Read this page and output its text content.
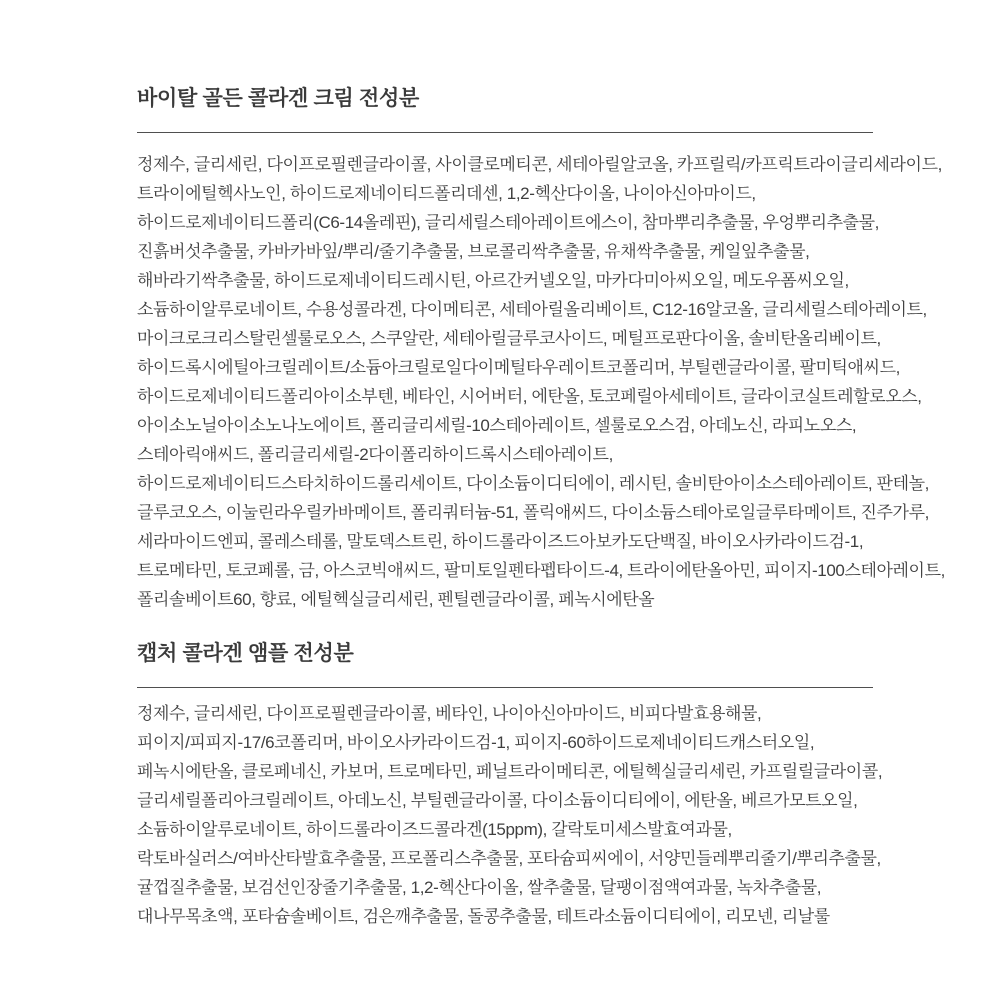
바이탈 골든 콜라겐 크림 전성분
정제수, 글리세린, 다이프로필렌글라이콜, 사이클로메티콘, 세테아릴알코올, 카프릴릭/카프릭트라이글리세라이드,
트라이에틸헥사노인, 하이드로제네이티드폴리데센, 1,2-헥산다이올, 나이아신아마이드,
하이드로제네이티드폴리(C6-14올레핀), 글리세릴스테아레이트에스이, 참마뿌리추출물, 우엉뿌리추출물,
진흙버섯추출물, 카바카바잎/뿌리/줄기추출물, 브로콜리싹추출물, 유채싹추출물, 케일잎추출물,
해바라기싹추출물, 하이드로제네이티드레시틴, 아르간커넬오일, 마카다미아씨오일, 메도우폼씨오일,
소듐하이알루로네이트, 수용성콜라겐, 다이메티콘, 세테아릴올리베이트, C12-16알코올, 글리세릴스테아레이트,
마이크로크리스탈린셀룰로오스, 스쿠알란, 세테아릴글루코사이드, 메틸프로판다이올, 솔비탄올리베이트,
하이드록시에틸아크릴레이트/소듐아크릴로일다이메틸타우레이트코폴리머, 부틸렌글라이콜, 팔미틱애씨드,
하이드로제네이티드폴리아이소부텐, 베타인, 시어버터, 에탄올, 토코페릴아세테이트, 글라이코실트레할로오스,
아이소노닐아이소노나노에이트, 폴리글리세릴-10스테아레이트, 셀룰로오스검, 아데노신, 라피노오스,
스테아릭애씨드, 폴리글리세릴-2다이폴리하이드록시스테아레이트,
하이드로제네이티드스타치하이드롤리세이트, 다이소듐이디티에이, 레시틴, 솔비탄아이소스테아레이트, 판테놀,
글루코오스, 이눌린라우릴카바메이트, 폴리쿼터늄-51, 폴릭애씨드, 다이소듐스테아로일글루타메이트, 진주가루,
세라마이드엔피, 콜레스테롤, 말토덱스트린, 하이드롤라이즈드아보카도단백질, 바이오사카라이드검-1,
트로메타민, 토코페롤, 금, 아스코빅애씨드, 팔미토일펜타펩타이드-4, 트라이에탄올아민, 피이지-100스테아레이트,
폴리솔베이트60, 향료, 에틸헥실글리세린, 펜틸렌글라이콜, 페녹시에탄올
캡처 콜라겐 앰플 전성분
정제수, 글리세린, 다이프로필렌글라이콜, 베타인, 나이아신아마이드, 비피다발효용해물,
피이지/피피지-17/6코폴리머, 바이오사카라이드검-1, 피이지-60하이드로제네이티드캐스터오일,
페녹시에탄올, 클로페네신, 카보머, 트로메타민, 페닐트라이메티콘, 에틸헥실글리세린, 카프릴릴글라이콜,
글리세릴폴리아크릴레이트, 아데노신, 부틸렌글라이콜, 다이소듐이디티에이, 에탄올, 베르가모트오일,
소듐하이알루로네이트, 하이드롤라이즈드콜라겐(15ppm), 갈락토미세스발효여과물,
락토바실러스/여바산타발효추출물, 프로폴리스추출물, 포타슘피씨에이, 서양민들레뿌리줄기/뿌리추출물,
귤껍질추출물, 보검선인장줄기추출물, 1,2-헥산다이올, 쌀추출물, 달팽이점액여과물, 녹차추출물,
대나무목초액, 포타슘솔베이트, 검은깨추출물, 돌콩추출물, 테트라소듐이디티에이, 리모넨, 리날룰
